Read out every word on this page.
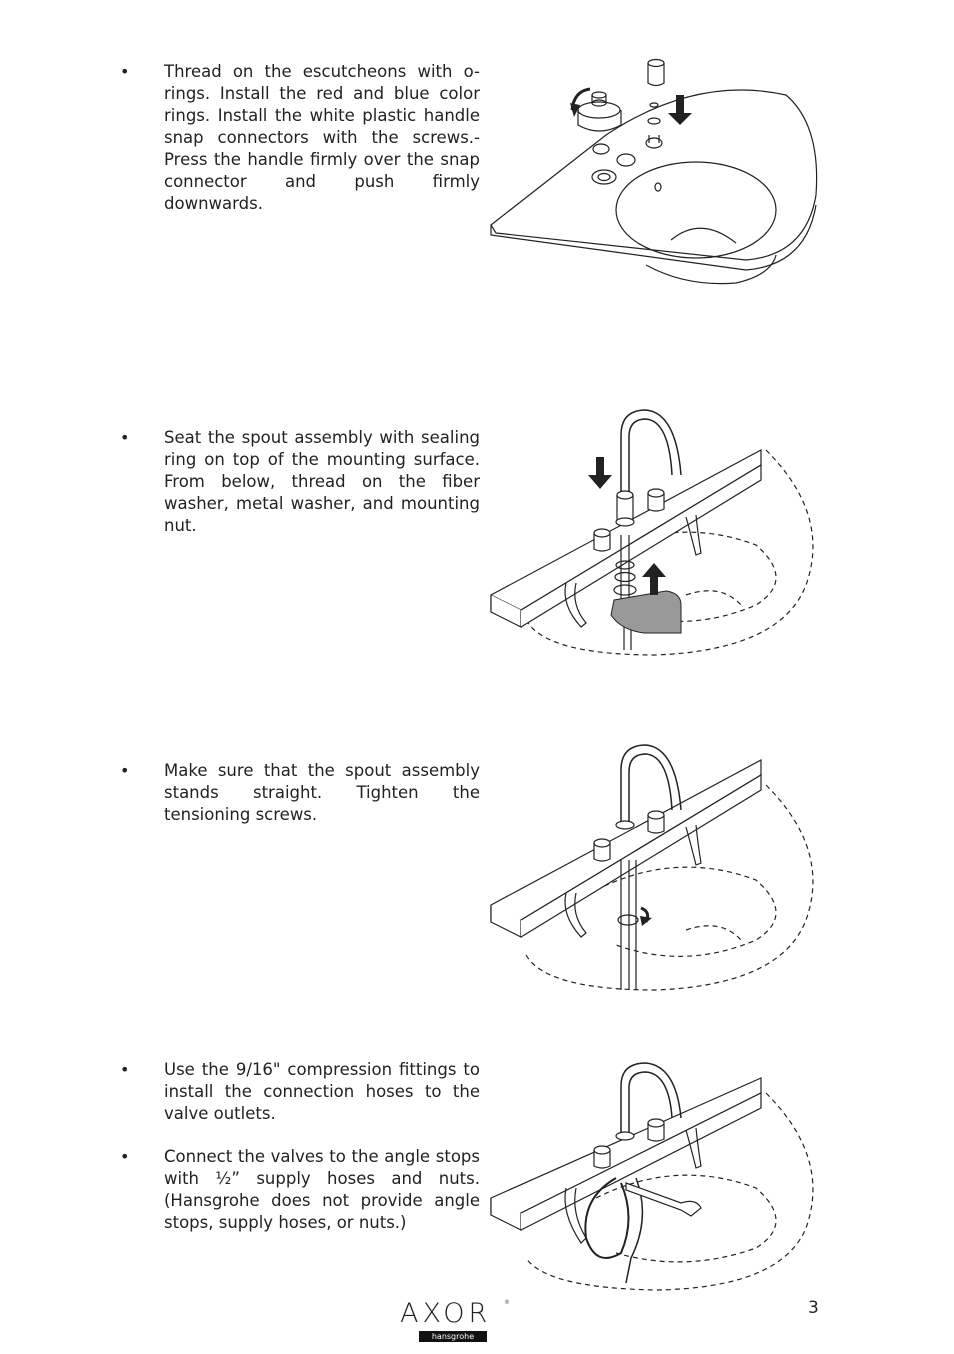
•	Thread on the escutcheons with o-rings. Install the red and blue color rings. Install the white plastic handle snap connectors with the screws.- Press the handle firmly over the snap connector and push firmly downwards.
•	Seat the spout assembly with sealing ring on top of the mounting surface. From below, thread on the fiber washer, metal washer, and mounting nut.
•	Make sure that the spout assembly stands straight. Tighten the tensioning screws.
•	Use the 9/16" compression fittings to install the connection hoses to the valve outlets.
•	Connect the valves to the angle stops with ½” supply hoses and nuts. (Hansgrohe does not provide angle stops, supply hoses, or nuts.)
AXOR ®
hansgrohe
3
